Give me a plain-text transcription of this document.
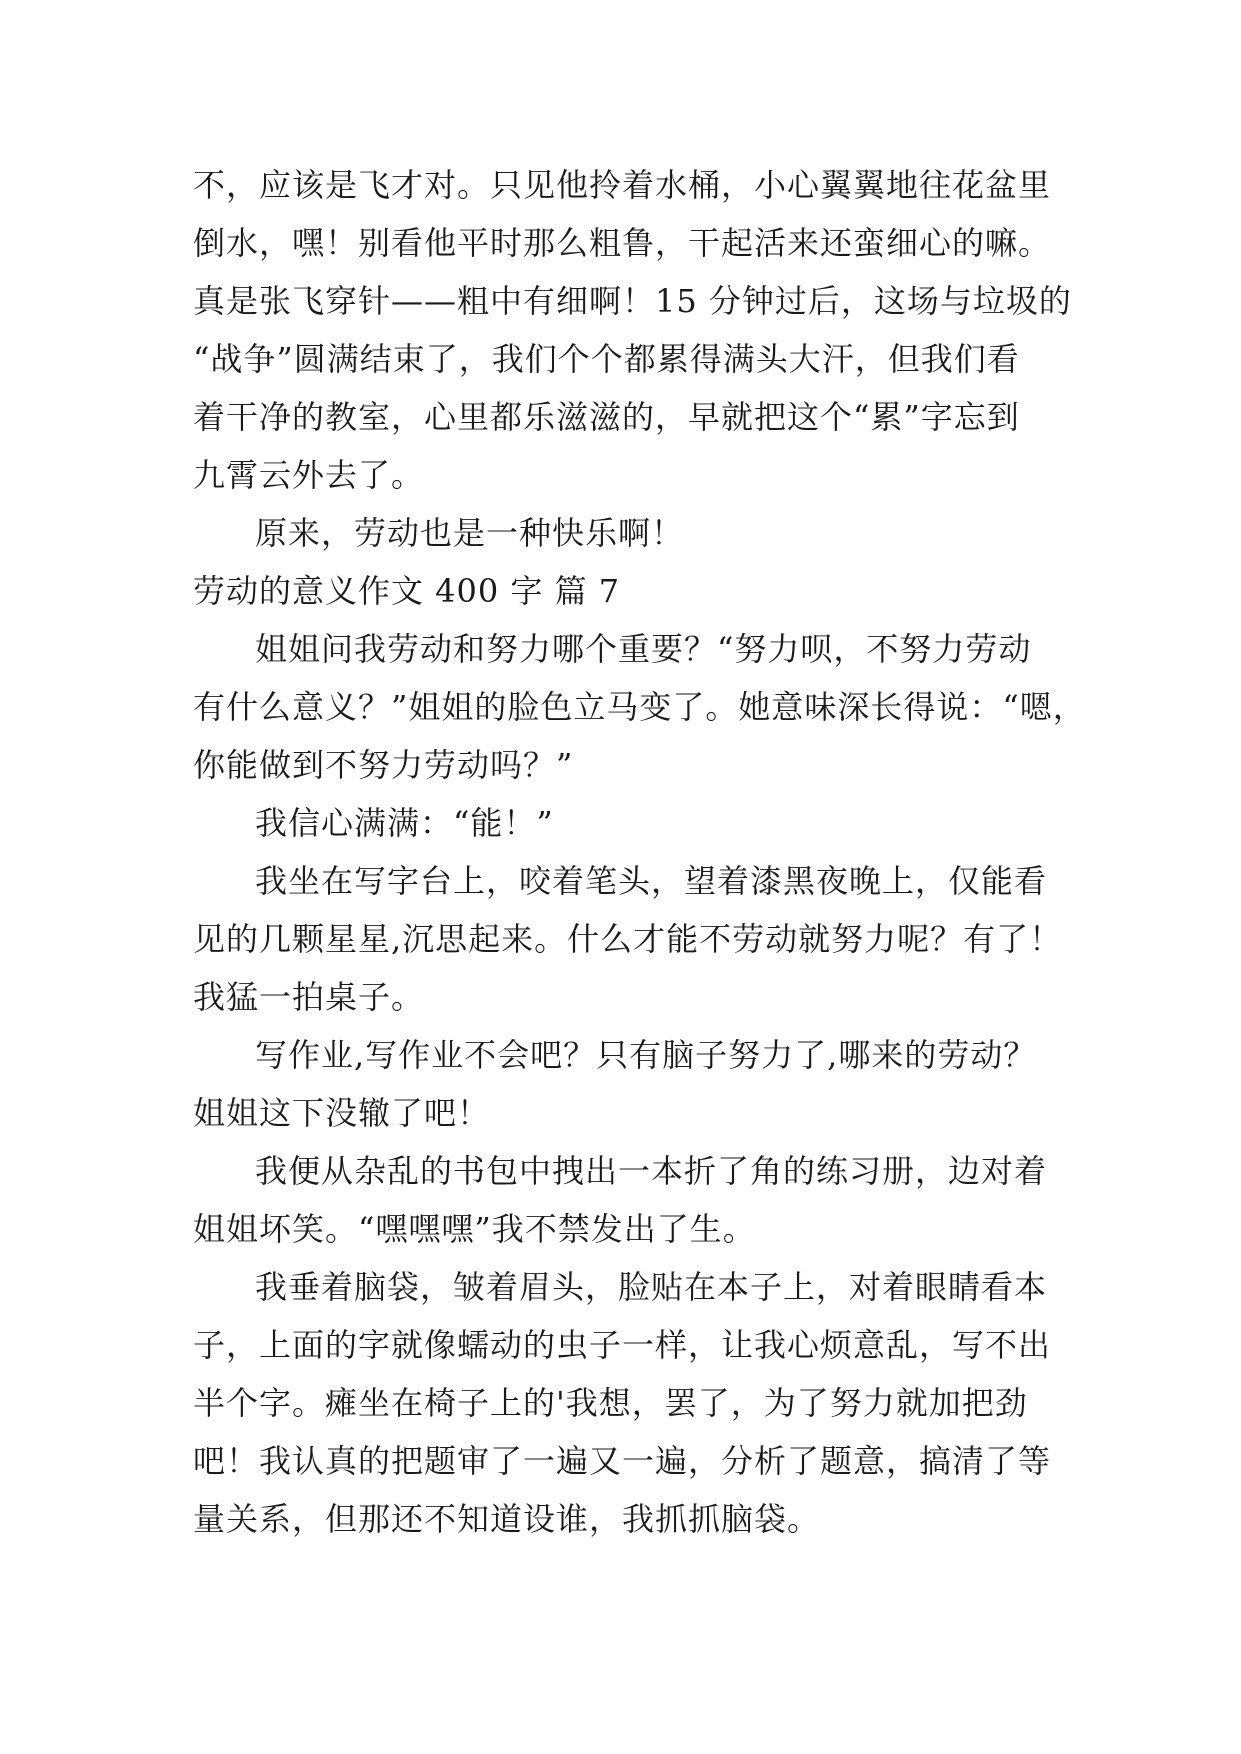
不，应该是飞才对。只见他拎着水桶，小心翼翼地往花盆里
倒水，嘿！别看他平时那么粗鲁，干起活来还蛮细心的嘛。
真是张飞穿针——粗中有细啊！15 分钟过后，这场与垃圾的
“战争”圆满结束了，我们个个都累得满头大汗，但我们看
着干净的教室，心里都乐滋滋的，早就把这个“累”字忘到
九霄云外去了。
原来，劳动也是一种快乐啊！
劳动的意义作文 400 字 篇 7
姐姐问我劳动和努力哪个重要？“努力呗，不努力劳动
有什么意义？”姐姐的脸色立马变了。她意味深长得说：“嗯，
你能做到不努力劳动吗？”
我信心满满：“能！”
我坐在写字台上，咬着笔头，望着漆黑夜晚上，仅能看
见的几颗星星,沉思起来。什么才能不劳动就努力呢？有了！
我猛一拍桌子。
写作业,写作业不会吧？只有脑子努力了,哪来的劳动？
姐姐这下没辙了吧！
我便从杂乱的书包中拽出一本折了角的练习册，边对着
姐姐坏笑。“嘿嘿嘿”我不禁发出了生。
我垂着脑袋，皱着眉头，脸贴在本子上，对着眼睛看本
子，上面的字就像蠕动的虫子一样，让我心烦意乱，写不出
半个字。瘫坐在椅子上的'我想，罢了，为了努力就加把劲
吧！我认真的把题审了一遍又一遍，分析了题意，搞清了等
量关系，但那还不知道设谁，我抓抓脑袋。
